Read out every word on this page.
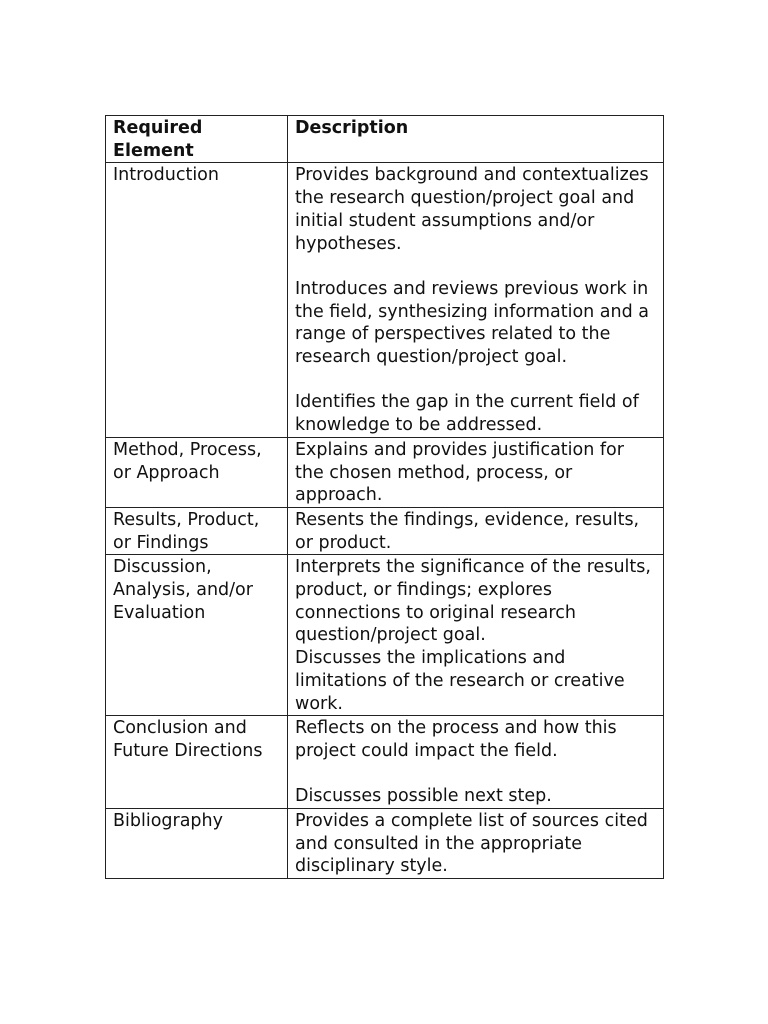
Required Element	Description
Introduction	Provides background and contextualizes the research question/project goal and initial student assumptions and/or hypotheses.
Introduces and reviews previous work in the field, synthesizing information and a range of perspectives related to the research question/project goal.
Identifies the gap in the current field of knowledge to be addressed.

Method, Process, or Approach	Explains and provides justification for the chosen method, process, or approach.

Results, Product, or Findings	Resents the findings, evidence, results, or product.

Discussion, Analysis, and/or Evaluation	Interprets the significance of the results, product, or findings; explores connections to original research question/project goal.
Discusses the implications and limitations of the research or creative work.

Conclusion and Future Directions	Reflects on the process and how this project could impact the field.
Discusses possible next step.

Bibliography	Provides a complete list of sources cited and consulted in the appropriate disciplinary style.
